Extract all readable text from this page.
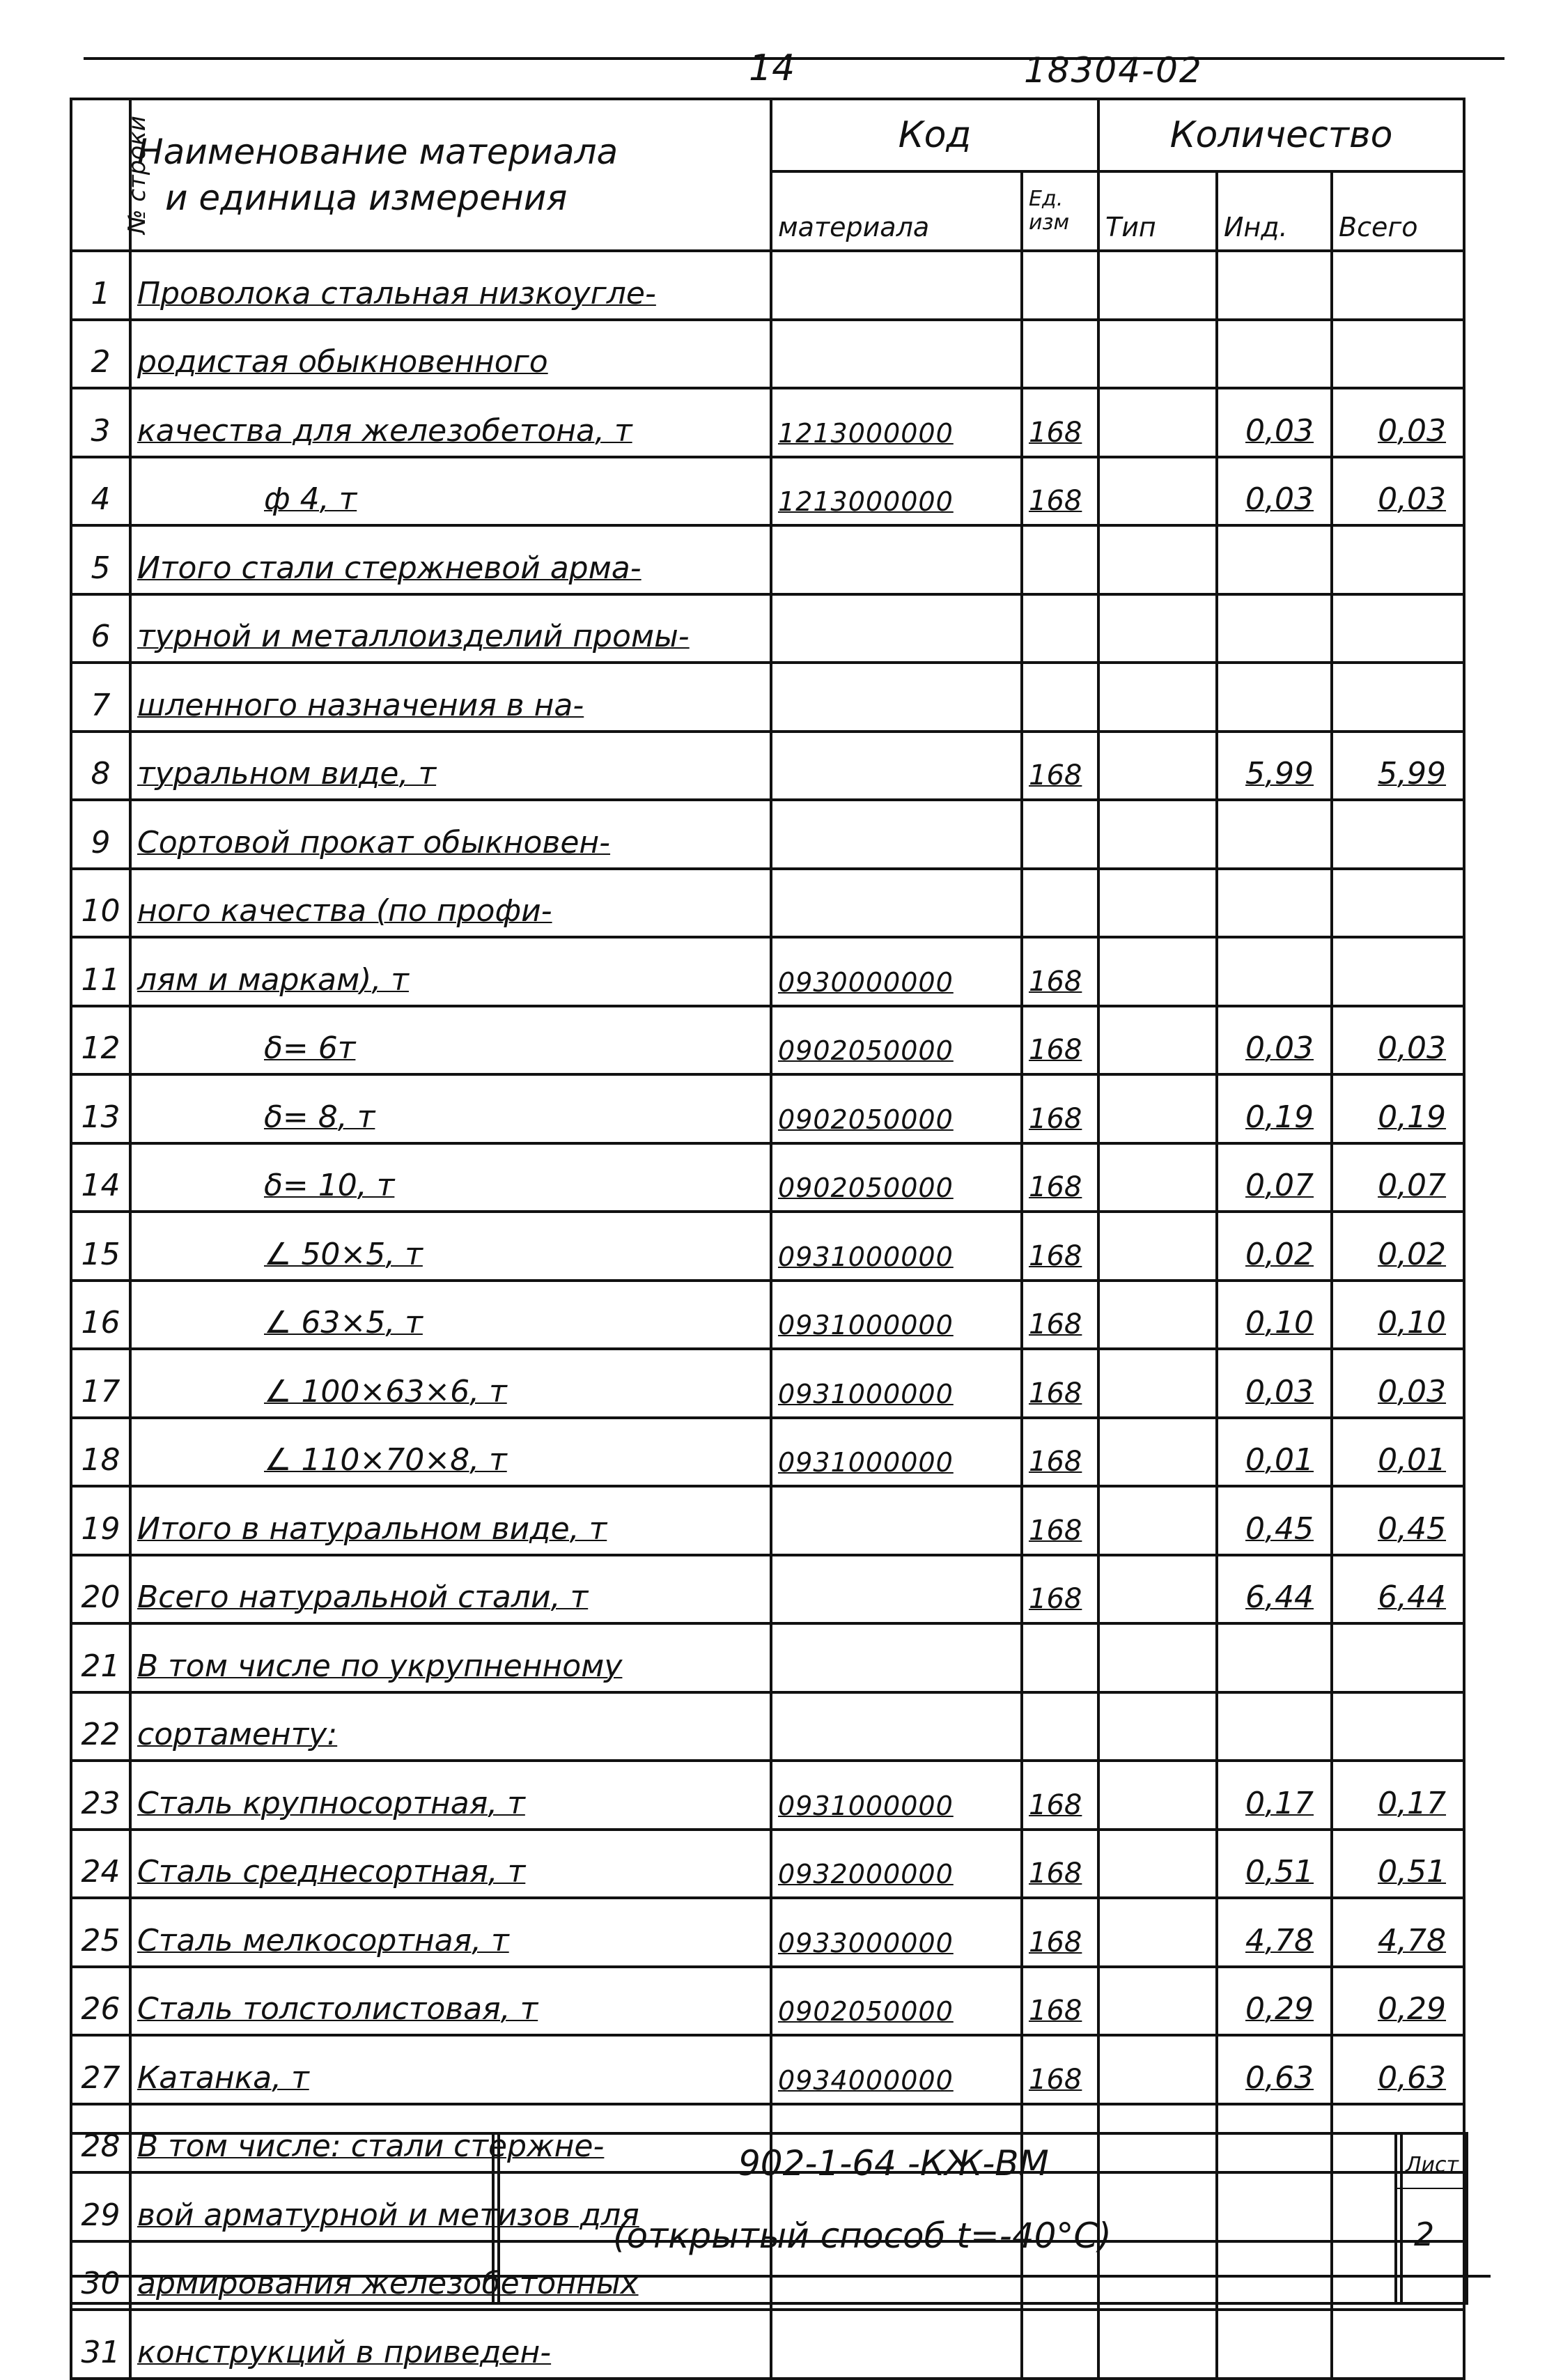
14	18304-02
№ строки	Наименование материала
и единица измерения	Код		Количество		
		материала	Ед. изм	Тип	Инд.	Всего
1	Проволока стальная низкоугле-					
2	родистая обыкновенного					
3	качества для железобетона, т	1213000000	168		0,03	0,03
4	ф 4, т	1213000000	168		0,03	0,03
5	Итого стали стержневой арма-					
6	турной и металлоизделий промы-					
7	шленного назначения в на-					
8	туральном виде, т		168		5,99	5,99
9	Сортовой прокат обыкновен-					
10	ного качества (по профи-					
11	лям и маркам), т	0930000000	168			
12	δ= 6т	0902050000	168		0,03	0,03
13	δ= 8, т	0902050000	168		0,19	0,19
14	δ= 10, т	0902050000	168		0,07	0,07
15	∠ 50×5, т	0931000000	168		0,02	0,02
16	∠ 63×5, т	0931000000	168		0,10	0,10
17	∠ 100×63×6, т	0931000000	168		0,03	0,03
18	∠ 110×70×8, т	0931000000	168		0,01	0,01
19	Итого в натуральном виде, т		168		0,45	0,45
20	Всего натуральной стали, т		168		6,44	6,44
21	В том числе по укрупненному					
22	сортаменту:					
23	Сталь крупносортная, т	0931000000	168		0,17	0,17
24	Сталь среднесортная, т	0932000000	168		0,51	0,51
25	Сталь мелкосортная, т	0933000000	168		4,78	4,78
26	Сталь толстолистовая, т	0902050000	168		0,29	0,29
27	Катанка, т	0934000000	168		0,63	0,63
28	В том числе: стали стержне-					
29	вой арматурной и метизов для					
30	армирования железобетонных					
31	конструкций в приведен-					
902-1-64 -КЖ-ВМ
(открытый способ t=-40°С)
Лист
2
